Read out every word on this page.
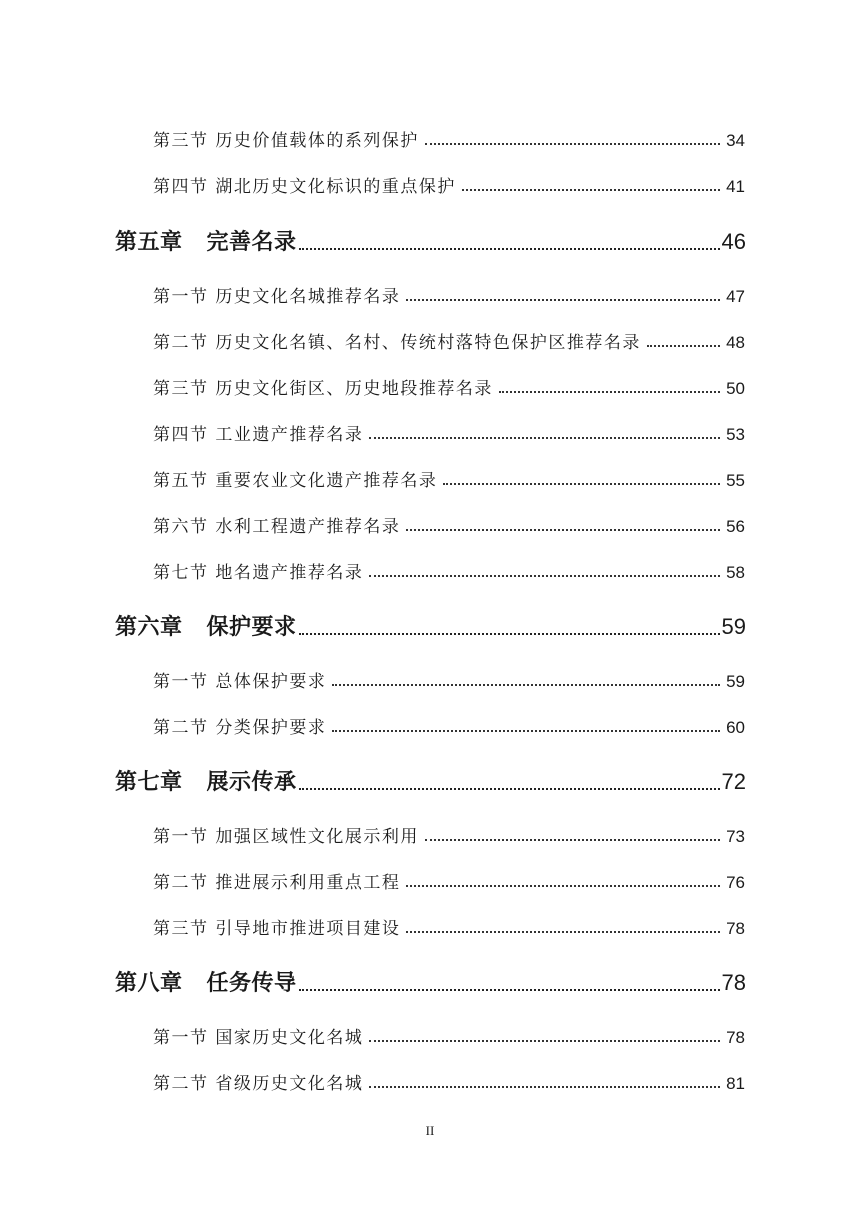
第三节 历史价值载体的系列保护	34
第四节 湖北历史文化标识的重点保护	41
第五章 完善名录	46
第一节 历史文化名城推荐名录	47
第二节 历史文化名镇、名村、传统村落特色保护区推荐名录	48
第三节 历史文化街区、历史地段推荐名录	50
第四节 工业遗产推荐名录	53
第五节 重要农业文化遗产推荐名录	55
第六节 水利工程遗产推荐名录	56
第七节 地名遗产推荐名录	58
第六章 保护要求	59
第一节 总体保护要求	59
第二节 分类保护要求	60
第七章 展示传承	72
第一节 加强区域性文化展示利用	73
第二节 推进展示利用重点工程	76
第三节 引导地市推进项目建设	78
第八章 任务传导	78
第一节 国家历史文化名城	78
第二节 省级历史文化名城	81
II
